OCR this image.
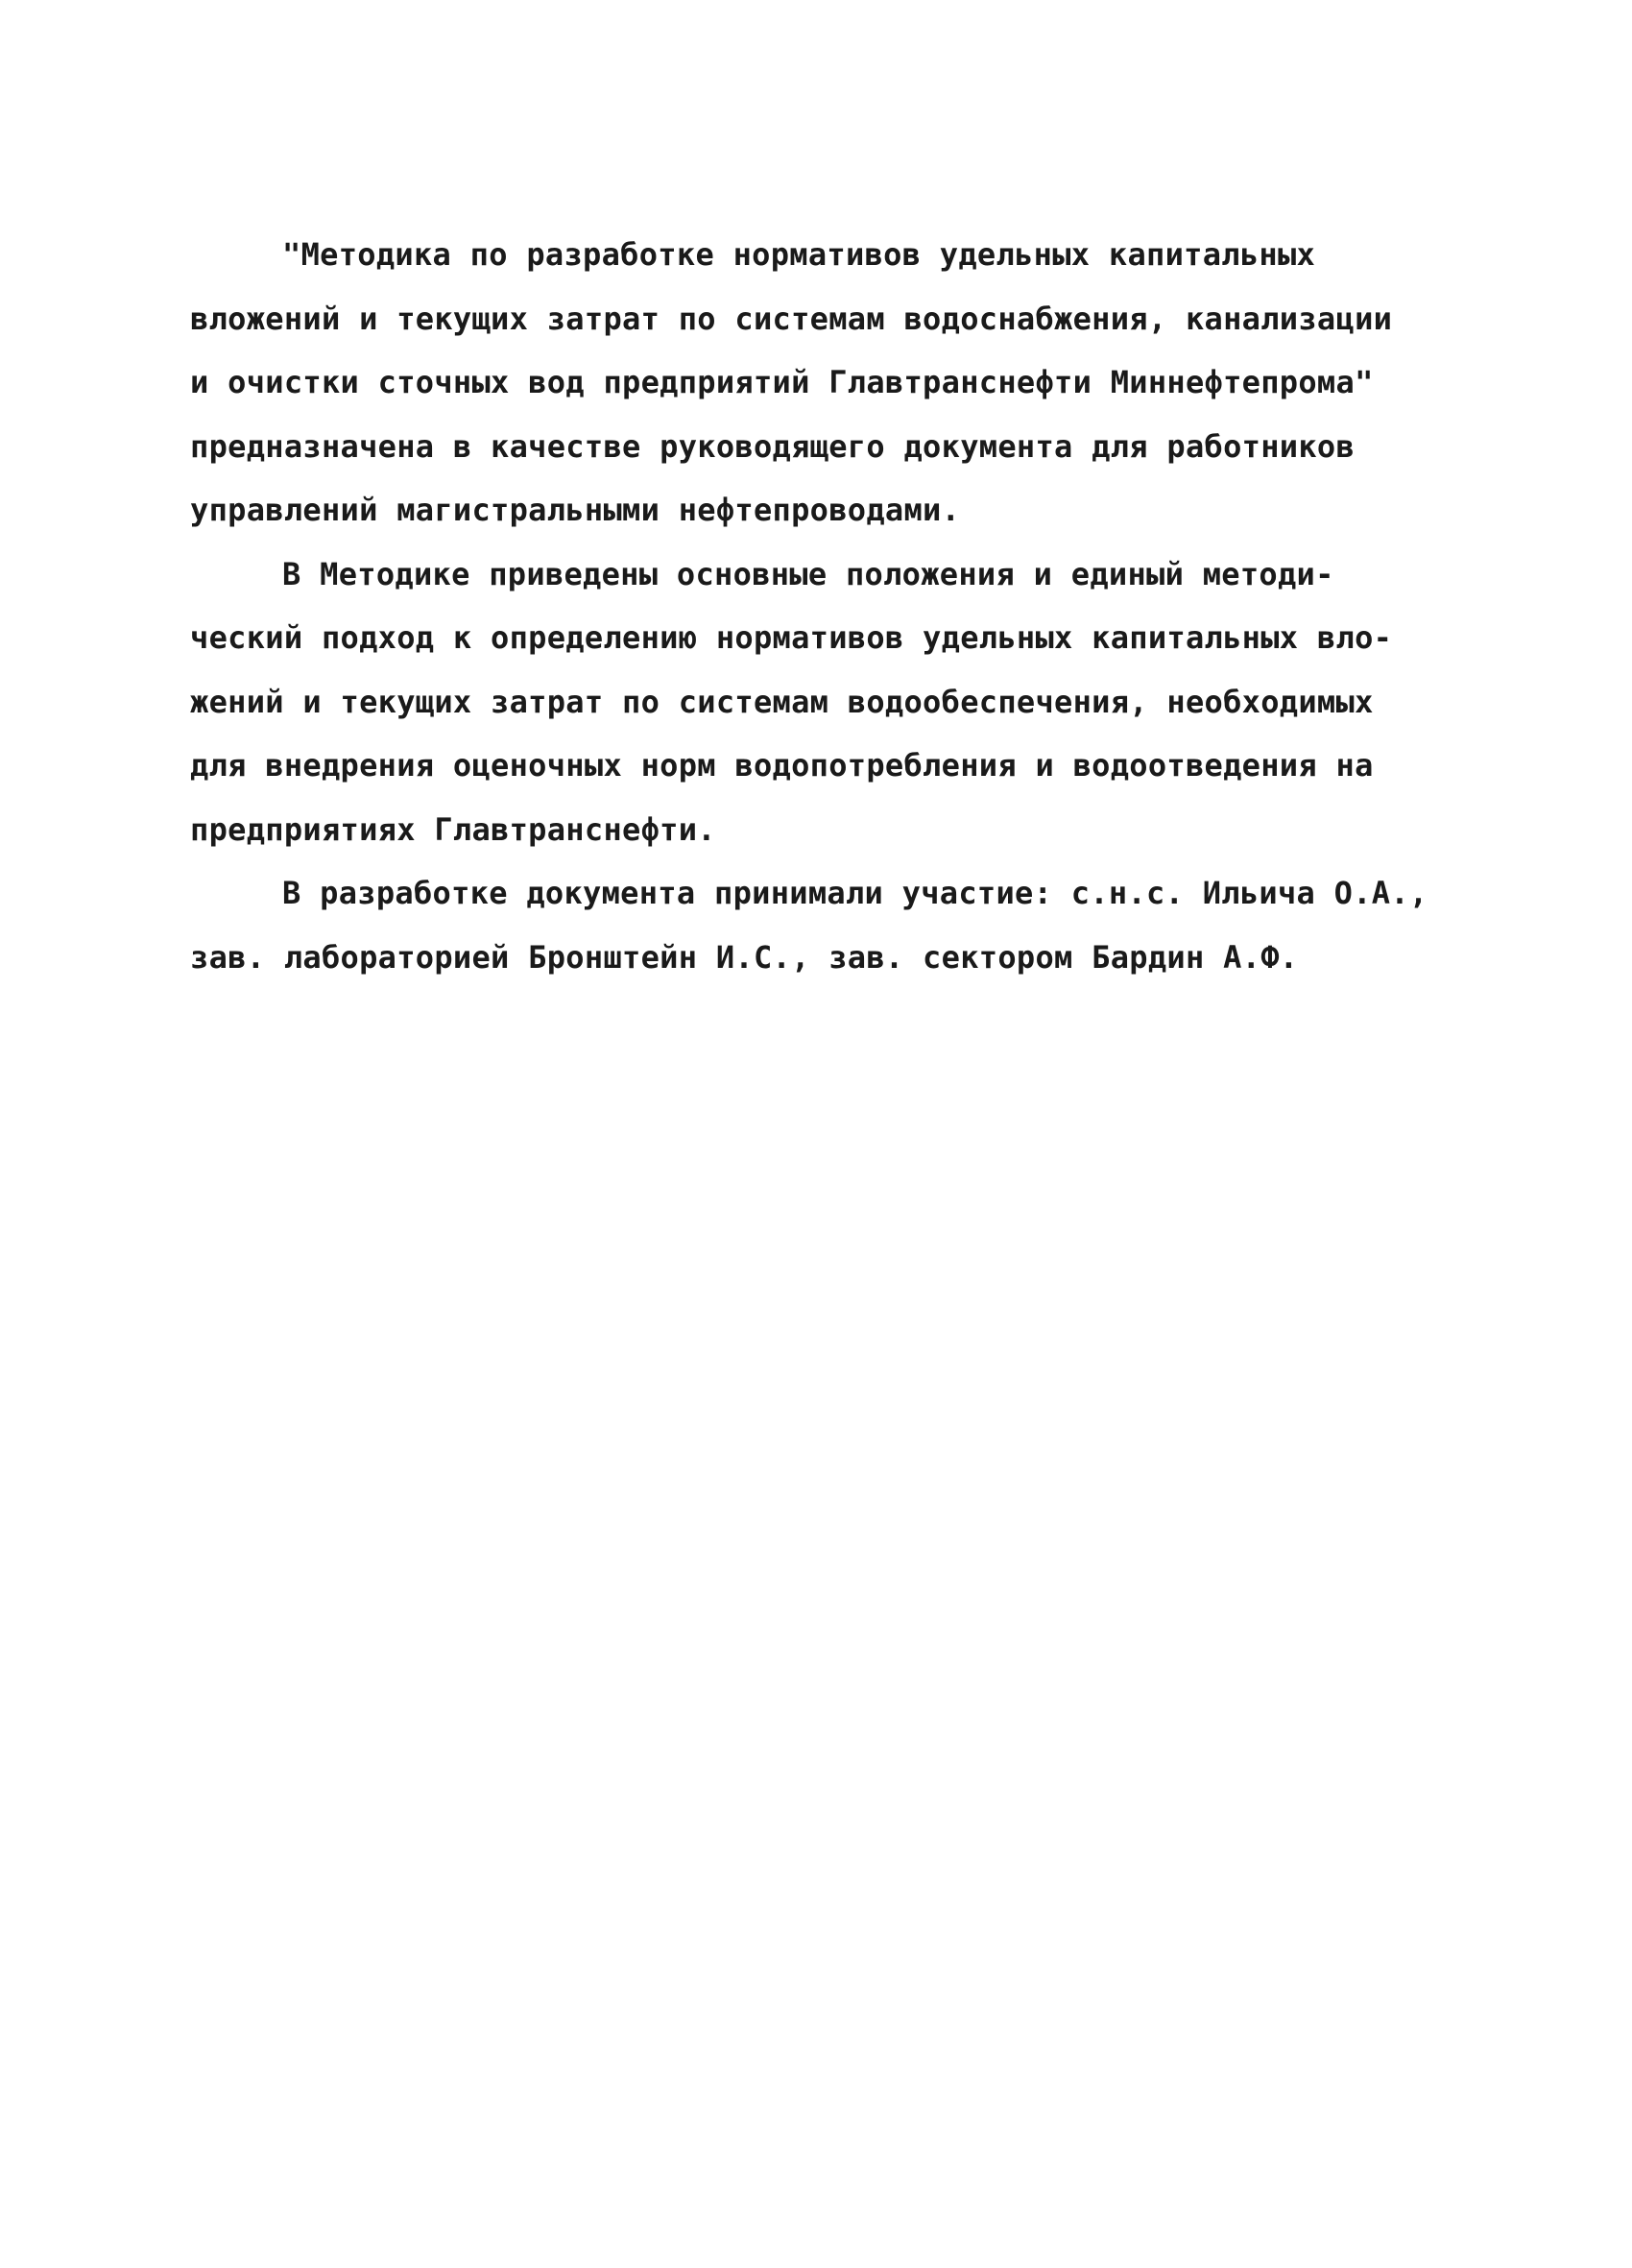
"Методика по разработке нормативов удельных капитальных
вложений и текущих затрат по системам водоснабжения, канализации
и очистки сточных вод предприятий Главтранснефти Миннефтепрома"
предназначена в качестве руководящего документа для работников
управлений магистральными нефтепроводами.
В Методике приведены основные положения и единый методи-
ческий подход к определению нормативов удельных капитальных вло-
жений и текущих затрат по системам водообеспечения, необходимых
для внедрения оценочных норм водопотребления и водоотведения на
предприятиях Главтранснефти.
В разработке документа принимали участие: с.н.с. Ильича О.А.,
зав. лабораторией Бронштейн И.С., зав. сектором Бардин А.Ф.
